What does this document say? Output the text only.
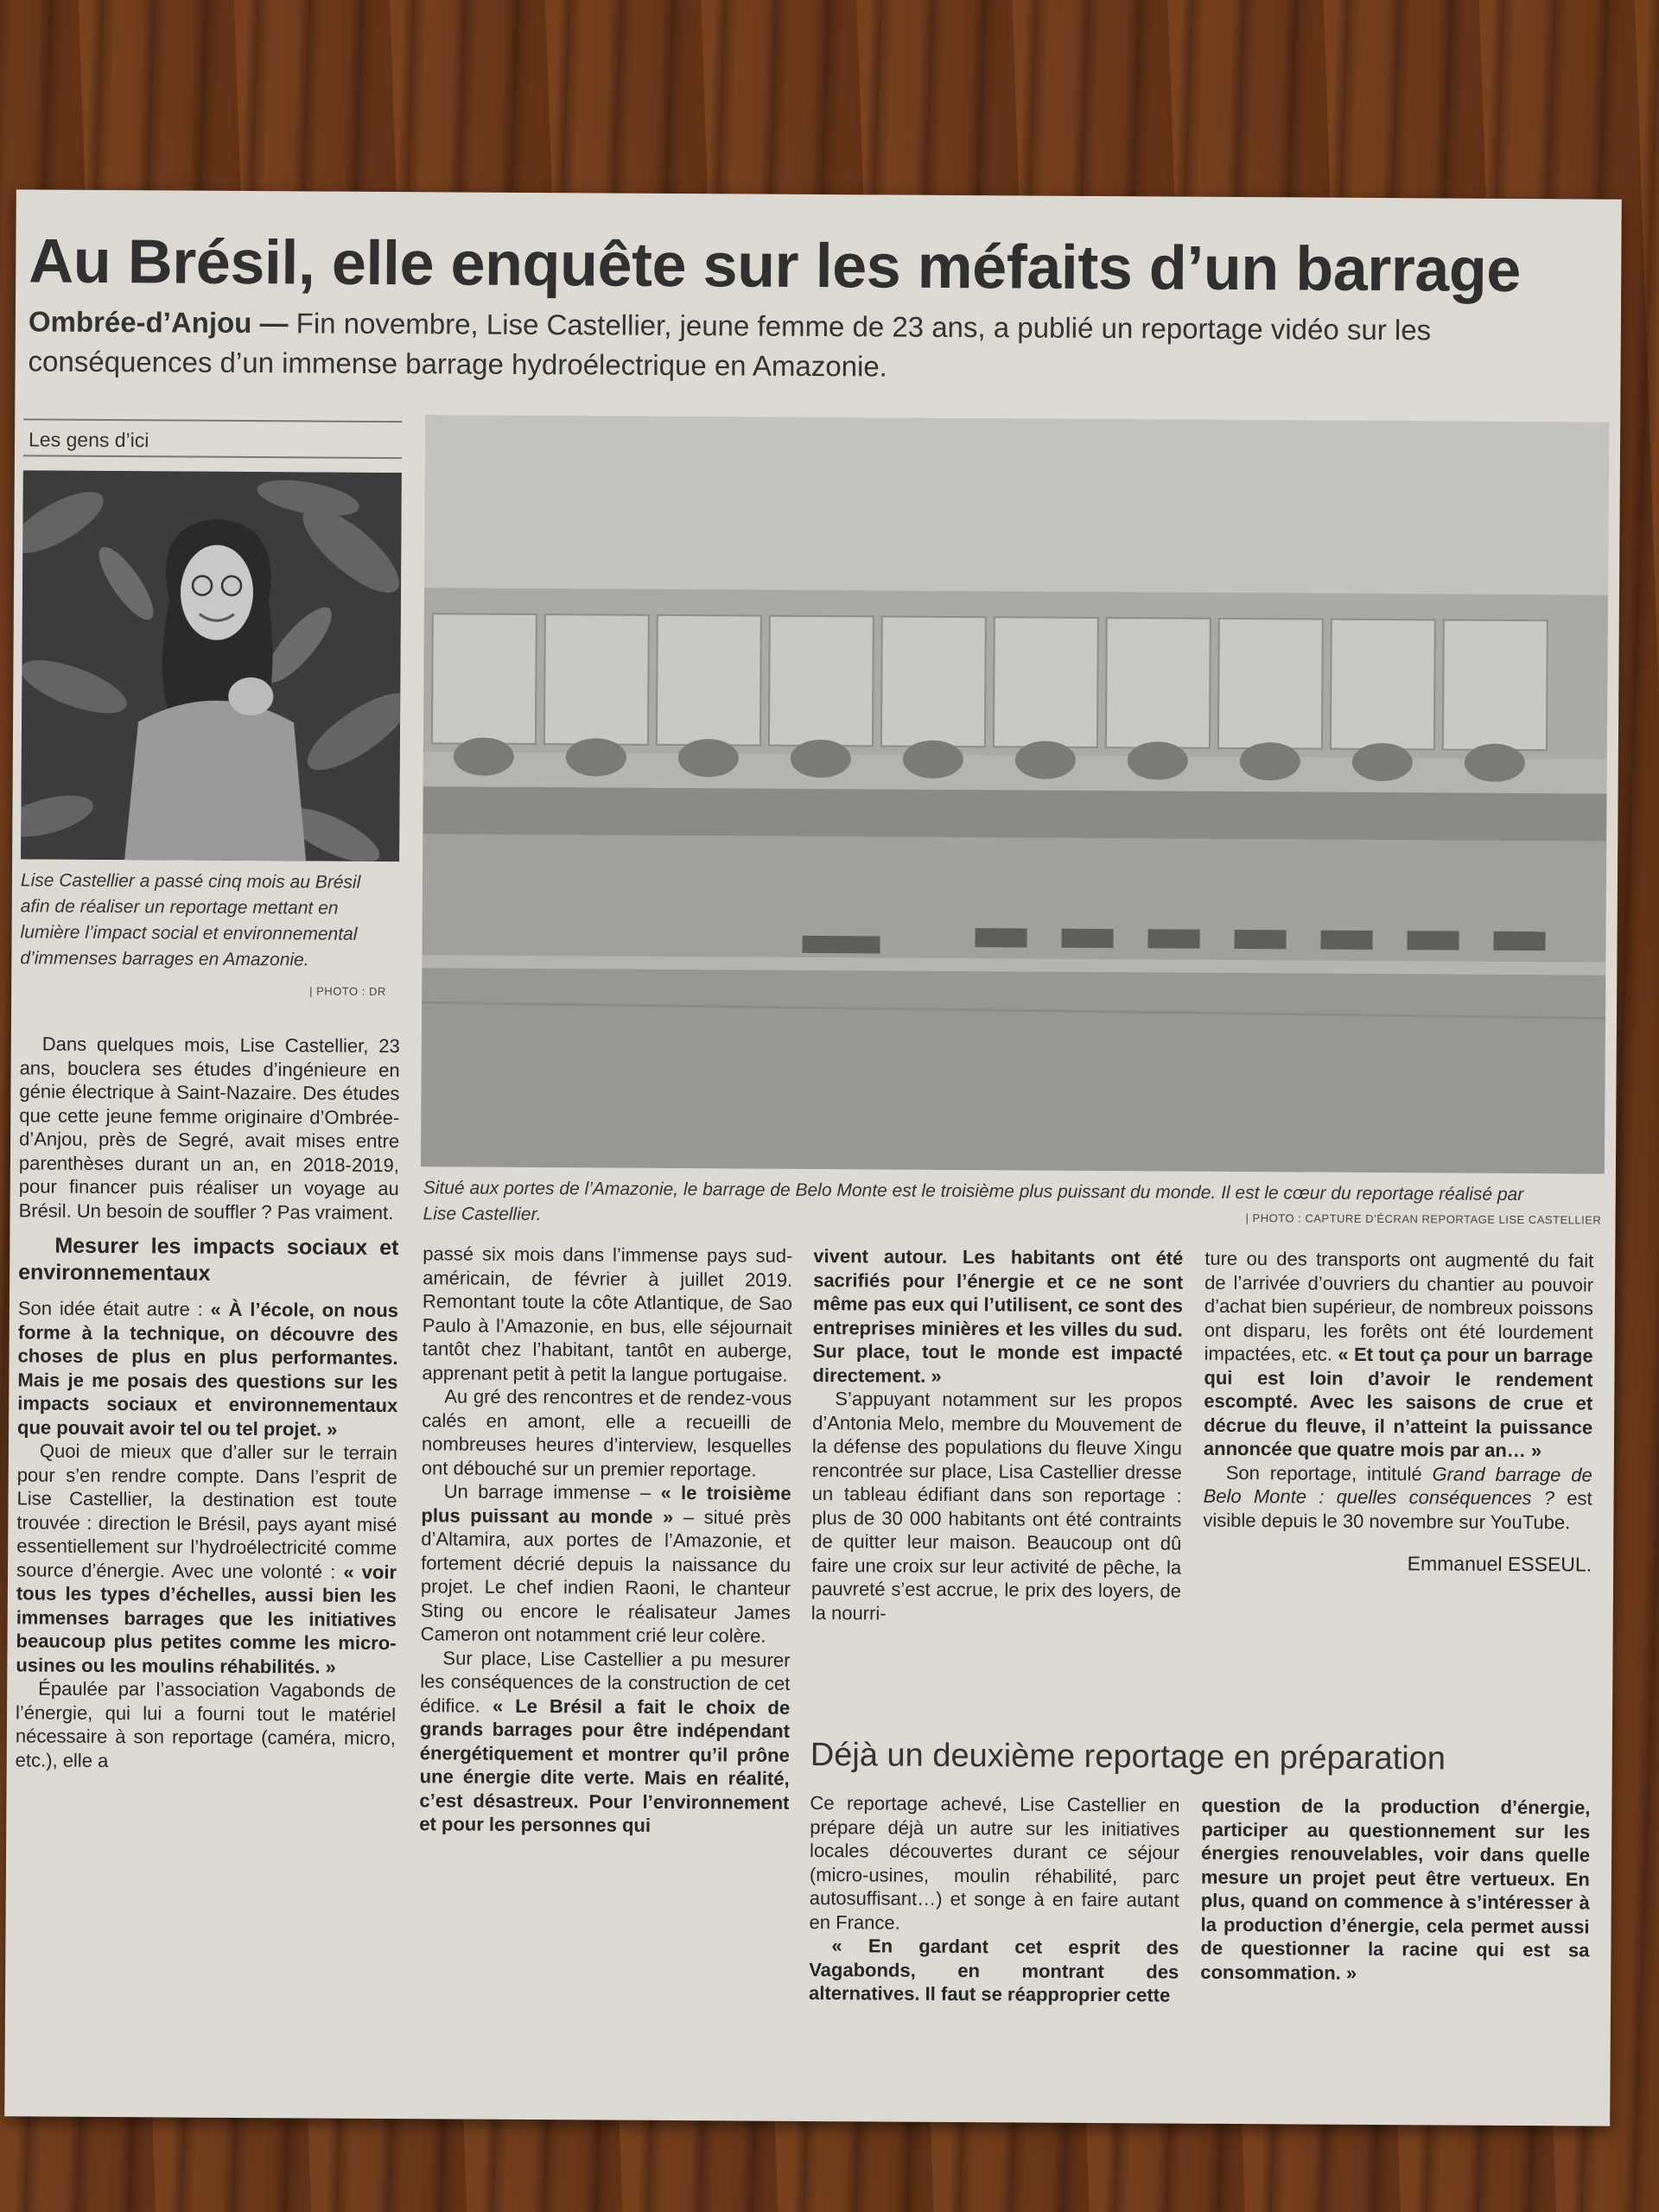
Au Brésil, elle enquête sur les méfaits d’un barrage

Ombrée-d’Anjou — Fin novembre, Lise Castellier, jeune femme de 23 ans, a publié un reportage vidéo sur les conséquences d’un immense barrage hydroélectrique en Amazonie.

Les gens d’ici
Lise Castellier a passé cinq mois au Brésil afin de réaliser un reportage mettant en lumière l’impact social et environnemental d’immenses barrages en Amazonie.
| PHOTO : DR
Situé aux portes de l’Amazonie, le barrage de Belo Monte est le troisième plus puissant du monde. Il est le cœur du reportage réalisé par Lise Castellier.	| PHOTO : CAPTURE D’ÉCRAN REPORTAGE LISE CASTELLIER

Dans quelques mois, Lise Castellier, 23 ans, bouclera ses études d’ingénieure en génie électrique à Saint-Nazaire. Des études que cette jeune femme originaire d’Ombrée-d’Anjou, près de Segré, avait mises entre parenthèses durant un an, en 2018-2019, pour financer puis réaliser un voyage au Brésil. Un besoin de souffler ? Pas vraiment.

Mesurer les impacts sociaux et environnementaux

Son idée était autre : « À l’école, on nous forme à la technique, on découvre des choses de plus en plus performantes. Mais je me posais des questions sur les impacts sociaux et environnementaux que pouvait avoir tel ou tel projet. »

Quoi de mieux que d’aller sur le terrain pour s’en rendre compte. Dans l’esprit de Lise Castellier, la destination est toute trouvée : direction le Brésil, pays ayant misé essentiellement sur l’hydroélectricité comme source d’énergie. Avec une volonté : « voir tous les types d’échelles, aussi bien les immenses barrages que les initiatives beaucoup plus petites comme les micro-usines ou les moulins réhabilités. »

Épaulée par l’association Vagabonds de l’énergie, qui lui a fourni tout le matériel nécessaire à son reportage (caméra, micro, etc.), elle a

passé six mois dans l’immense pays sud-américain, de février à juillet 2019. Remontant toute la côte Atlantique, de Sao Paulo à l’Amazonie, en bus, elle séjournait tantôt chez l’habitant, tantôt en auberge, apprenant petit à petit la langue portugaise.

Au gré des rencontres et de rendez-vous calés en amont, elle a recueilli de nombreuses heures d’interview, lesquelles ont débouché sur un premier reportage.

Un barrage immense – « le troisième plus puissant au monde » – situé près d’Altamira, aux portes de l’Amazonie, et fortement décrié depuis la naissance du projet. Le chef indien Raoni, le chanteur Sting ou encore le réalisateur James Cameron ont notamment crié leur colère.

Sur place, Lise Castellier a pu mesurer les conséquences de la construction de cet édifice. « Le Brésil a fait le choix de grands barrages pour être indépendant énergétiquement et montrer qu’il prône une énergie dite verte. Mais en réalité, c’est désastreux. Pour l’environnement et pour les personnes qui

vivent autour. Les habitants ont été sacrifiés pour l’énergie et ce ne sont même pas eux qui l’utilisent, ce sont des entreprises minières et les villes du sud. Sur place, tout le monde est impacté directement. »

S’appuyant notamment sur les propos d’Antonia Melo, membre du Mouvement de la défense des populations du fleuve Xingu rencontrée sur place, Lisa Castellier dresse un tableau édifiant dans son reportage : plus de 30 000 habitants ont été contraints de quitter leur maison. Beaucoup ont dû faire une croix sur leur activité de pêche, la pauvreté s’est accrue, le prix des loyers, de la nourri-

ture ou des transports ont augmenté du fait de l’arrivée d’ouvriers du chantier au pouvoir d’achat bien supérieur, de nombreux poissons ont disparu, les forêts ont été lourdement impactées, etc. « Et tout ça pour un barrage qui est loin d’avoir le rendement escompté. Avec les saisons de crue et décrue du fleuve, il n’atteint la puissance annoncée que quatre mois par an… »

Son reportage, intitulé Grand barrage de Belo Monte : quelles conséquences ? est visible depuis le 30 novembre sur YouTube.

Emmanuel ESSEUL.

Déjà un deuxième reportage en préparation

Ce reportage achevé, Lise Castellier en prépare déjà un autre sur les initiatives locales découvertes durant ce séjour (micro-usines, moulin réhabilité, parc autosuffisant…) et songe à en faire autant en France.

« En gardant cet esprit des Vagabonds, en montrant des alternatives. Il faut se réapproprier cette

question de la production d’énergie, participer au questionnement sur les énergies renouvelables, voir dans quelle mesure un projet peut être vertueux. En plus, quand on commence à s’intéresser à la production d’énergie, cela permet aussi de questionner la racine qui est sa consommation. »
